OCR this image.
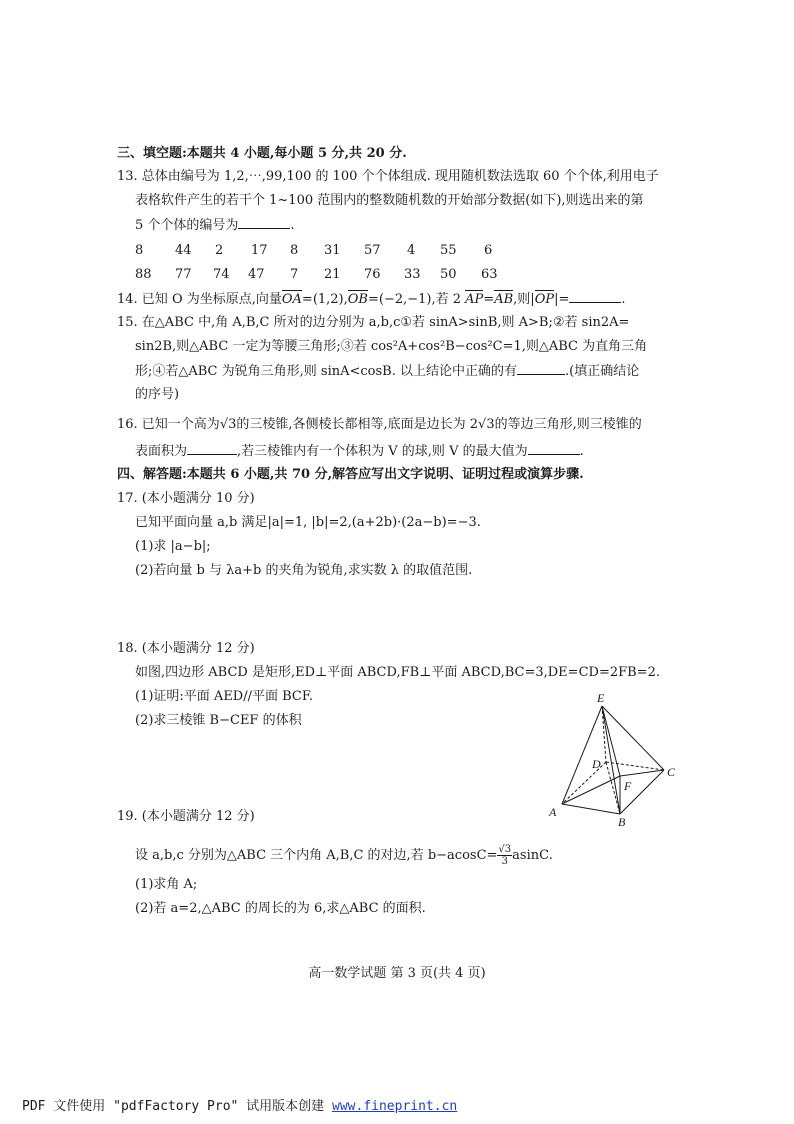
三、填空题:本题共 4 小题,每小题 5 分,共 20 分.
13. 总体由编号为 1,2,⋯,99,100 的 100 个个体组成. 现用随机数法选取 60 个个体,利用电子
表格软件产生的若干个 1~100 范围内的整数随机数的开始部分数据(如下),则选出来的第
5 个个体的编号为	.
8 44 2 17 8 31 57 4 55 6
88 77 74 47 7 21 76 33 50 63
14. 已知 O 为坐标原点,向量OA=(1,2),OB=(−2,−1),若 2 AP=AB,则|OP|=	.
15. 在△ABC 中,角 A,B,C 所对的边分别为 a,b,c①若 sinA>sinB,则 A>B;②若 sin2A=
sin2B,则△ABC 一定为等腰三角形;③若 cos²A+cos²B−cos²C=1,则△ABC 为直角三角
形;④若△ABC 为锐角三角形,则 sinA<cosB. 以上结论中正确的有	.(填正确结论
的序号)
16. 已知一个高为√3的三棱锥,各侧棱长都相等,底面是边长为 2√3的等边三角形,则三棱锥的
表面积为	,若三棱锥内有一个体积为 V 的球,则 V 的最大值为	.
四、解答题:本题共 6 小题,共 70 分,解答应写出文字说明、证明过程或演算步骤.
17. (本小题满分 10 分)
已知平面向量 a,b 满足|a|=1, |b|=2,(a+2b)·(2a−b)=−3.
(1)求 |a−b|;
(2)若向量 b 与 λa+b 的夹角为锐角,求实数 λ 的取值范围.
18. (本小题满分 12 分)
如图,四边形 ABCD 是矩形,ED⊥平面 ABCD,FB⊥平面 ABCD,BC=3,DE=CD=2FB=2.
(1)证明:平面 AED//平面 BCF.
(2)求三棱锥 B−CEF 的体积
E
D
C
F
A
B
19. (本小题满分 12 分)
设 a,b,c 分别为△ABC 三个内角 A,B,C 的对边,若 $b-acosC= \frac{√3}{3} asinC$.
(1)求角 A;
(2)若 a=2,△ABC 的周长的为 6,求△ABC 的面积.
高一数学试题 第 3 页(共 4 页)
PDF 文件使用 "pdfFactory Pro" 试用版本创建 www.fineprint.cn
